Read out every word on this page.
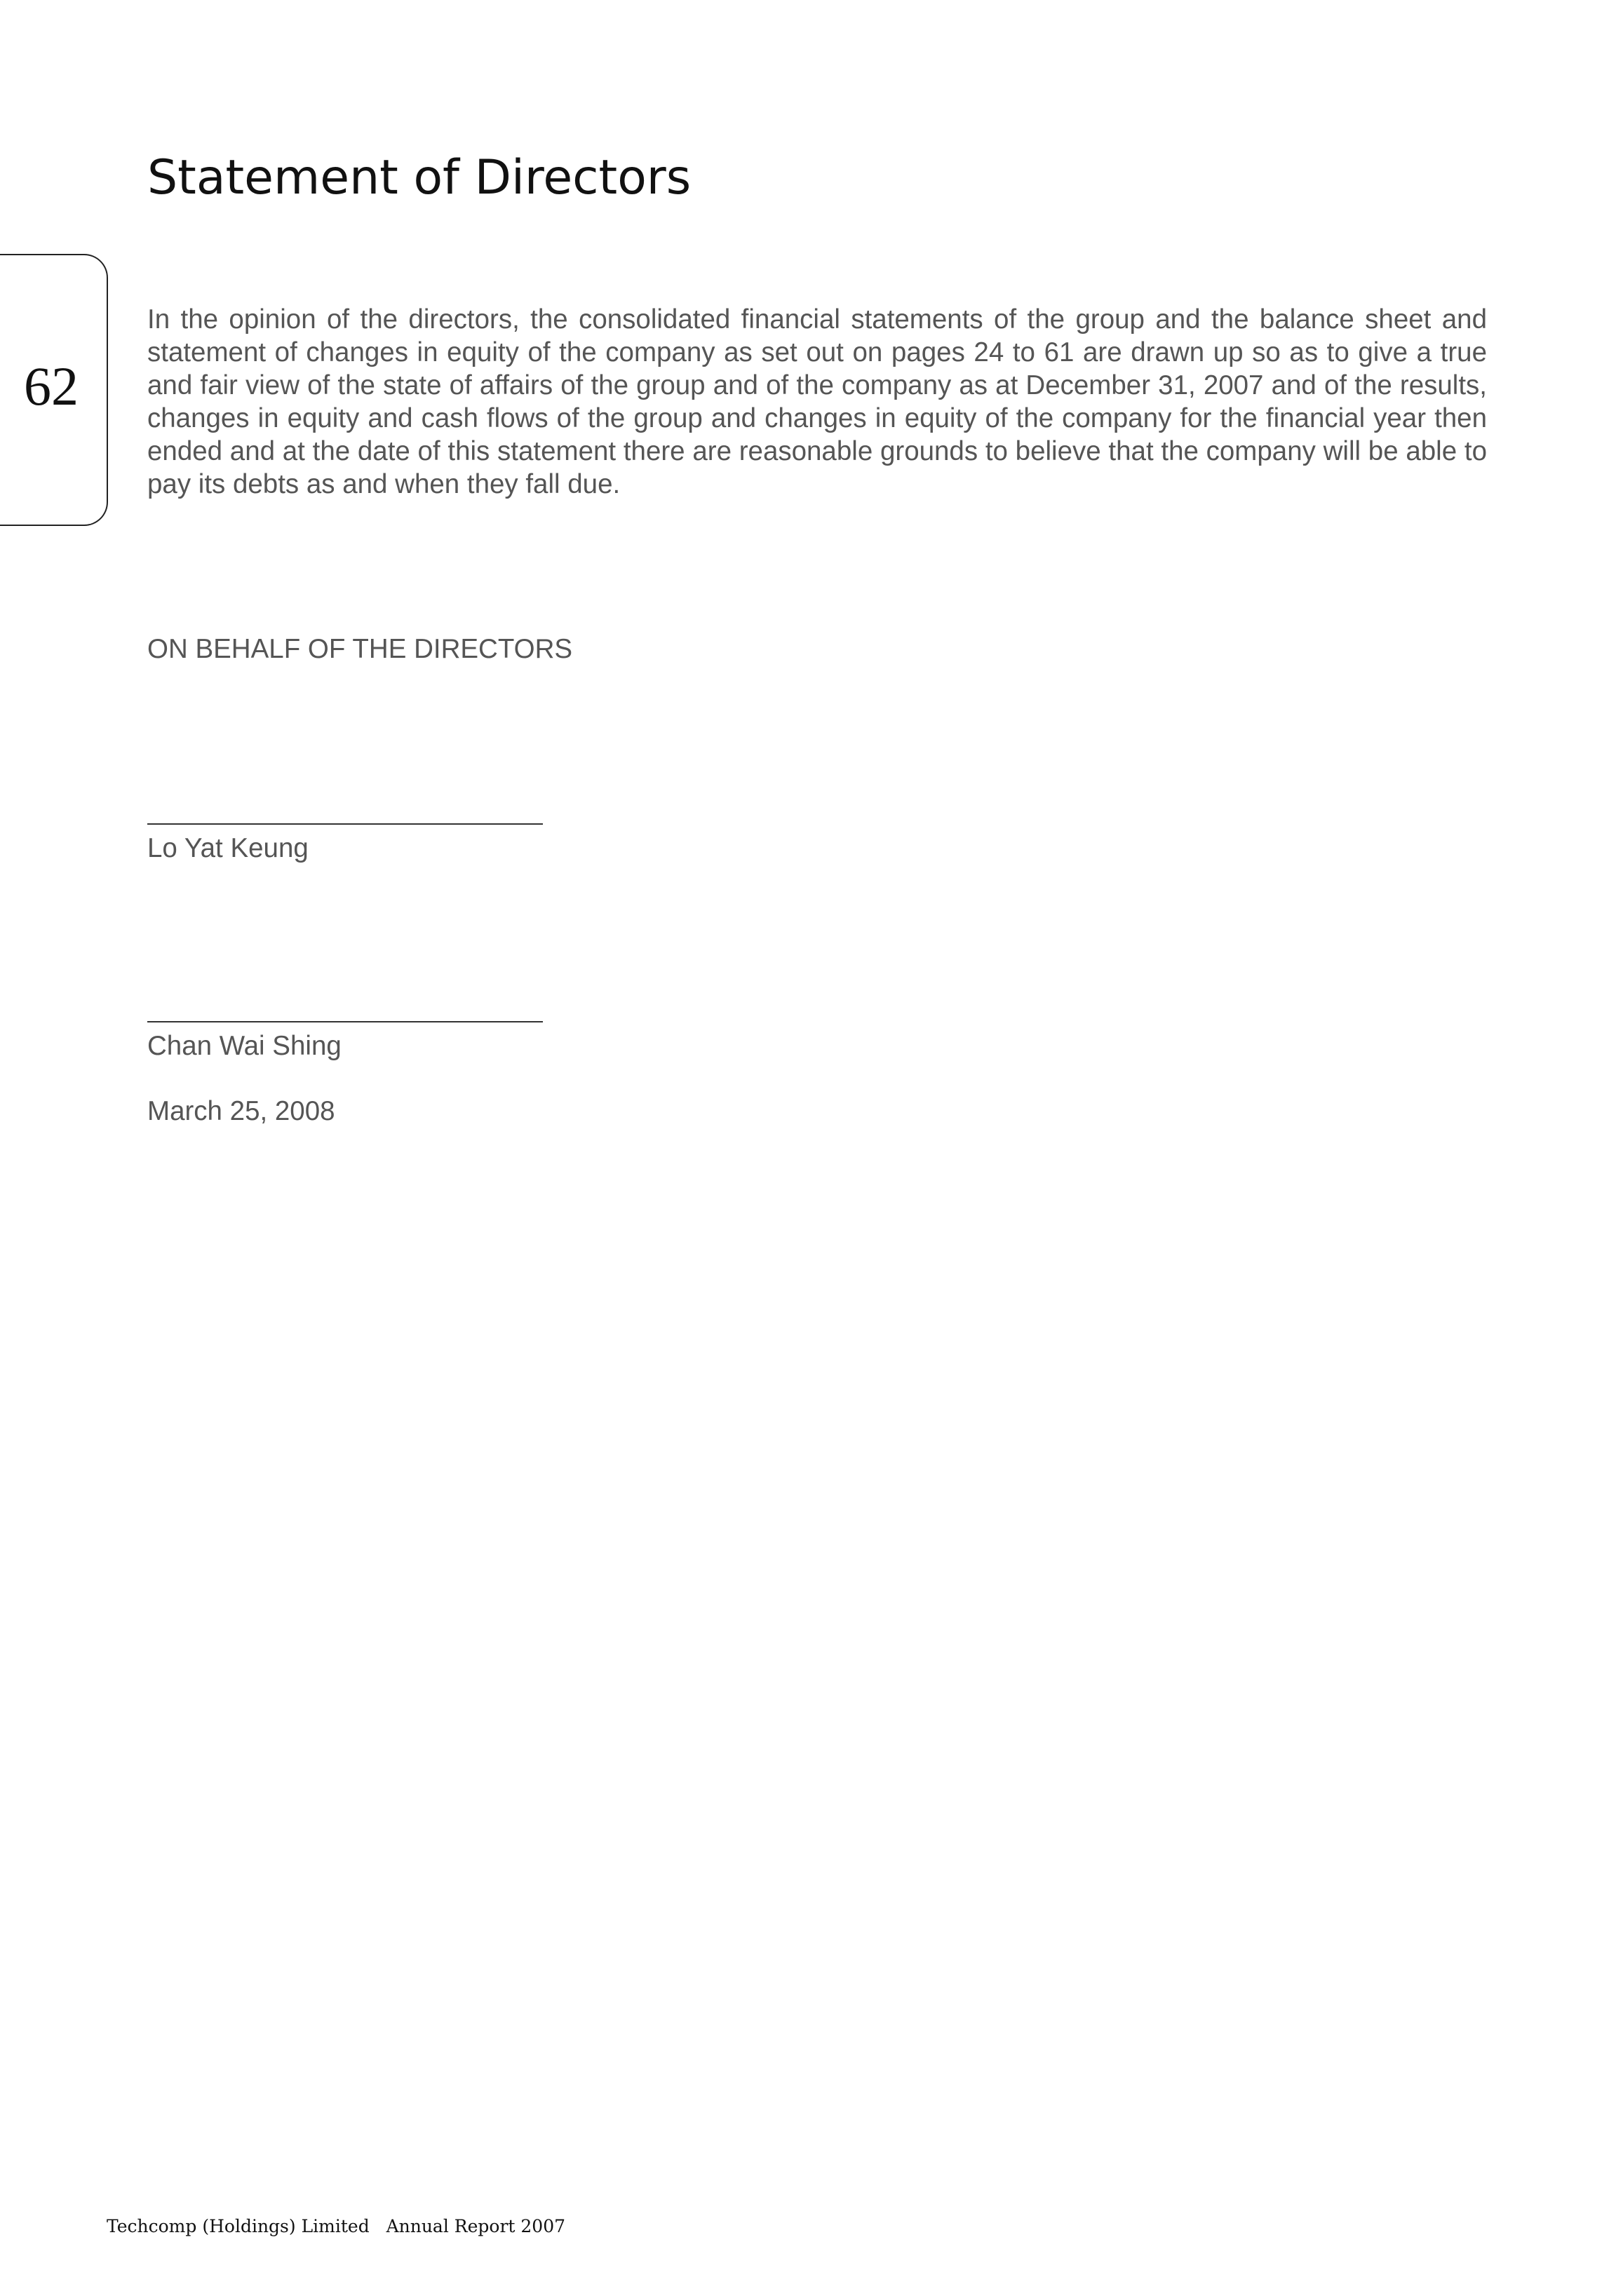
Statement of Directors
62

In the opinion of the directors, the consolidated financial statements of the group and the balance sheet and statement of changes in equity of the company as set out on pages 24 to 61 are drawn up so as to give a true and fair view of the state of affairs of the group and of the company as at December 31, 2007 and of the results, changes in equity and cash flows of the group and changes in equity of the company for the financial year then ended and at the date of this statement there are reasonable grounds to believe that the company will be able to pay its debts as and when they fall due.

ON BEHALF OF THE DIRECTORS
Lo Yat Keung
Chan Wai Shing
March 25, 2008
Techcomp (Holdings) Limited Annual Report 2007
